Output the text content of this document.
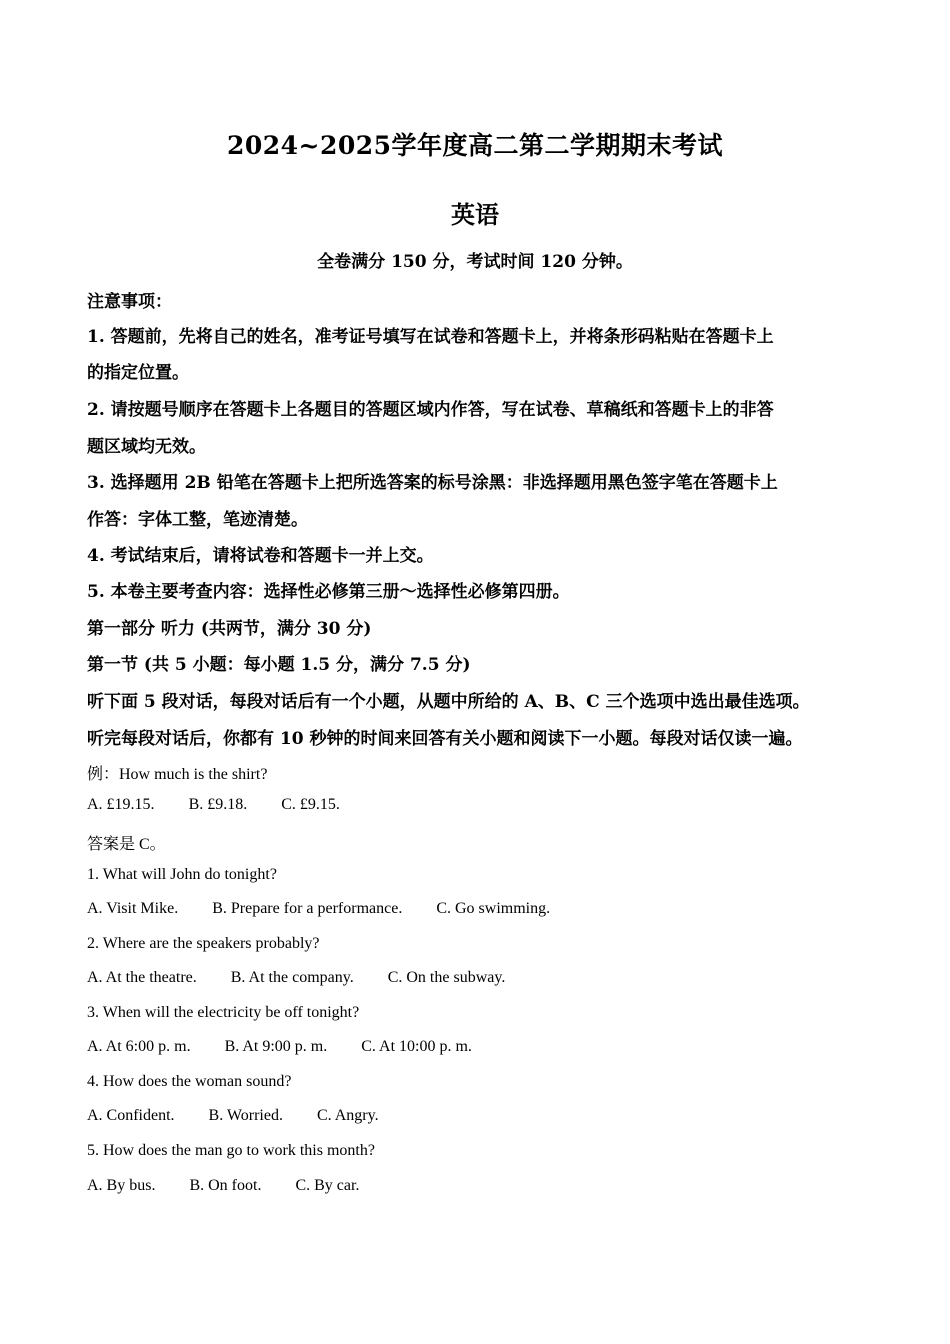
2024~2025学年度高二第二学期期末考试
英语
全卷满分 150 分，考试时间 120 分钟。
注意事项：
1. 答题前，先将自己的姓名，准考证号填写在试卷和答题卡上，并将条形码粘贴在答题卡上
的指定位置。
2. 请按题号顺序在答题卡上各题目的答题区域内作答，写在试卷、草稿纸和答题卡上的非答
题区域均无效。
3. 选择题用 2B 铅笔在答题卡上把所选答案的标号涂黑：非选择题用黑色签字笔在答题卡上
作答：字体工整，笔迹清楚。
4. 考试结束后，请将试卷和答题卡一并上交。
5. 本卷主要考查内容：选择性必修第三册～选择性必修第四册。
第一部分 听力 (共两节，满分 30 分)
第一节 (共 5 小题：每小题 1.5 分，满分 7.5 分)
听下面 5 段对话，每段对话后有一个小题，从题中所给的 A、B、C 三个选项中选出最佳选项。
听完每段对话后，你都有 10 秒钟的时间来回答有关小题和阅读下一小题。每段对话仅读一遍。
例：How much is the shirt?
A. £19.15. B. £9.18. C. £9.15.
答案是 C。
1. What will John do tonight?
A. Visit Mike. B. Prepare for a performance. C. Go swimming.
2. Where are the speakers probably?
A. At the theatre. B. At the company. C. On the subway.
3. When will the electricity be off tonight?
A. At 6:00 p. m. B. At 9:00 p. m. C. At 10:00 p. m.
4. How does the woman sound?
A. Confident. B. Worried. C. Angry.
5. How does the man go to work this month?
A. By bus. B. On foot. C. By car.
